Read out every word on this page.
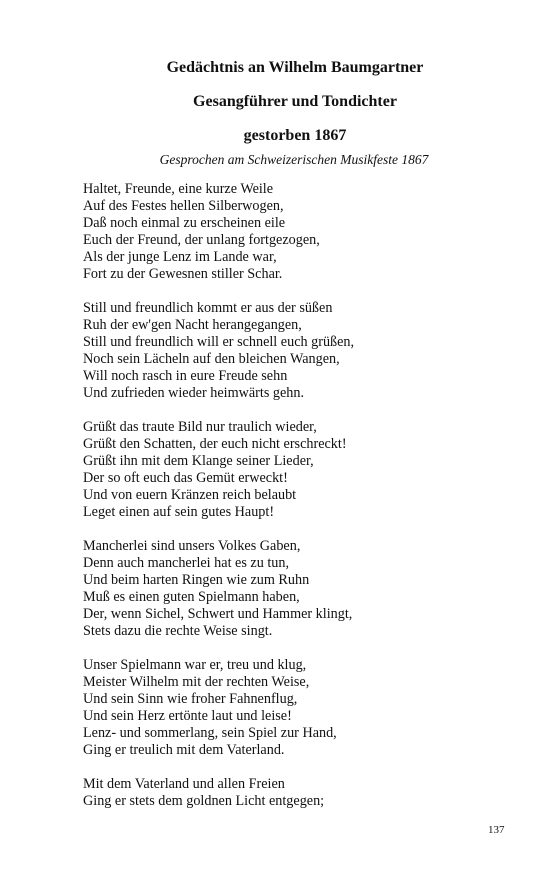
Gedächtnis an Wilhelm Baumgartner
Gesangführer und Tondichter
gestorben 1867
Gesprochen am Schweizerischen Musikfeste 1867
Haltet, Freunde, eine kurze Weile
Auf des Festes hellen Silberwogen,
Daß noch einmal zu erscheinen eile
Euch der Freund, der unlang fortgezogen,
Als der junge Lenz im Lande war,
Fort zu der Gewesnen stiller Schar.
Still und freundlich kommt er aus der süßen
Ruh der ew'gen Nacht herangegangen,
Still und freundlich will er schnell euch grüßen,
Noch sein Lächeln auf den bleichen Wangen,
Will noch rasch in eure Freude sehn
Und zufrieden wieder heimwärts gehn.
Grüßt das traute Bild nur traulich wieder,
Grüßt den Schatten, der euch nicht erschreckt!
Grüßt ihn mit dem Klange seiner Lieder,
Der so oft euch das Gemüt erweckt!
Und von euern Kränzen reich belaubt
Leget einen auf sein gutes Haupt!
Mancherlei sind unsers Volkes Gaben,
Denn auch mancherlei hat es zu tun,
Und beim harten Ringen wie zum Ruhn
Muß es einen guten Spielmann haben,
Der, wenn Sichel, Schwert und Hammer klingt,
Stets dazu die rechte Weise singt.
Unser Spielmann war er, treu und klug,
Meister Wilhelm mit der rechten Weise,
Und sein Sinn wie froher Fahnenflug,
Und sein Herz ertönte laut und leise!
Lenz- und sommerlang, sein Spiel zur Hand,
Ging er treulich mit dem Vaterland.
Mit dem Vaterland und allen Freien
Ging er stets dem goldnen Licht entgegen;
137
